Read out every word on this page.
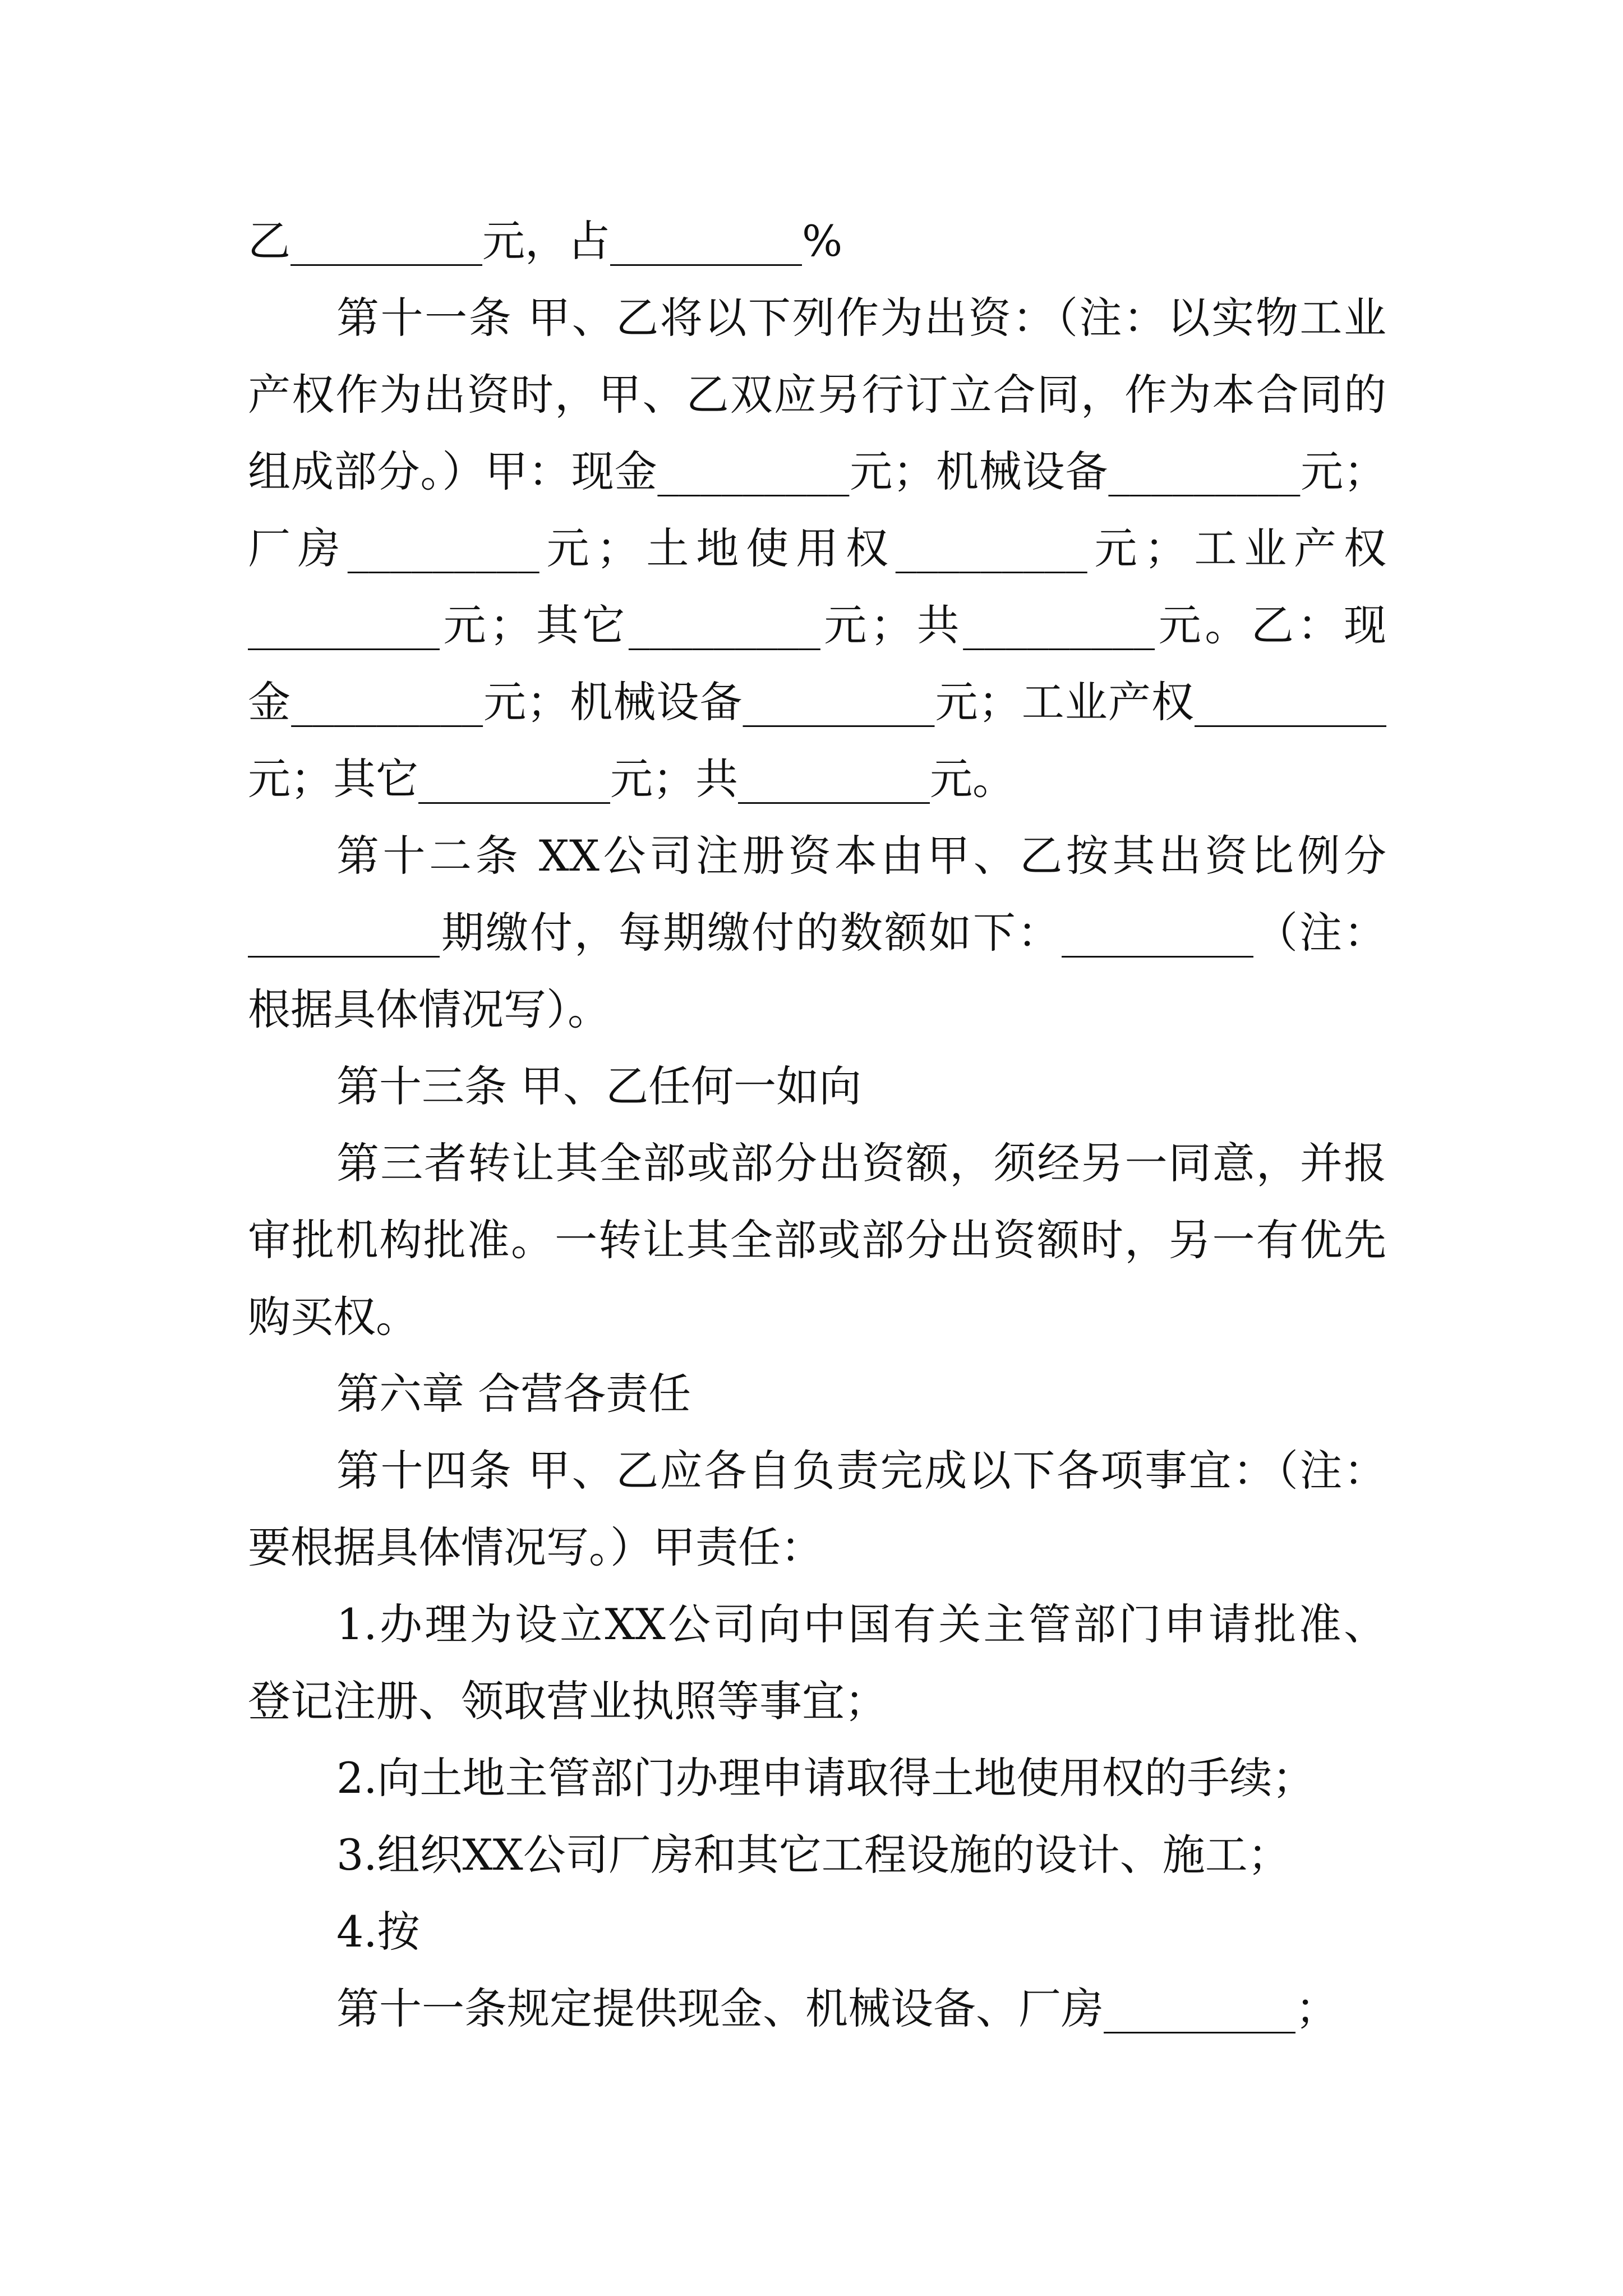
乙_________元，占_________%
第十一条 甲、乙将以下列作为出资：（注：以实物工业
产权作为出资时，甲、乙双应另行订立合同，作为本合同的
组成部分。）甲：现金_________元；机械设备_________元；
厂房_________元；土地使用权_________元；工业产权
_________元；其它_________元；共_________元。乙：现
金_________元；机械设备_________元；工业产权_________
元；其它_________元；共_________元。
第十二条 XX公司注册资本由甲、乙按其出资比例分
_________期缴付，每期缴付的数额如下：_________（注：
根据具体情况写）。
第十三条 甲、乙任何一如向
第三者转让其全部或部分出资额，须经另一同意，并报
审批机构批准。一转让其全部或部分出资额时，另一有优先
购买权。
第六章 合营各责任
第十四条 甲、乙应各自负责完成以下各项事宜：（注：
要根据具体情况写。）甲责任：
1.办理为设立XX公司向中国有关主管部门申请批准、
登记注册、领取营业执照等事宜；
2.向土地主管部门办理申请取得土地使用权的手续；
3.组织XX公司厂房和其它工程设施的设计、施工；
4.按
第十一条规定提供现金、机械设备、厂房_________；
